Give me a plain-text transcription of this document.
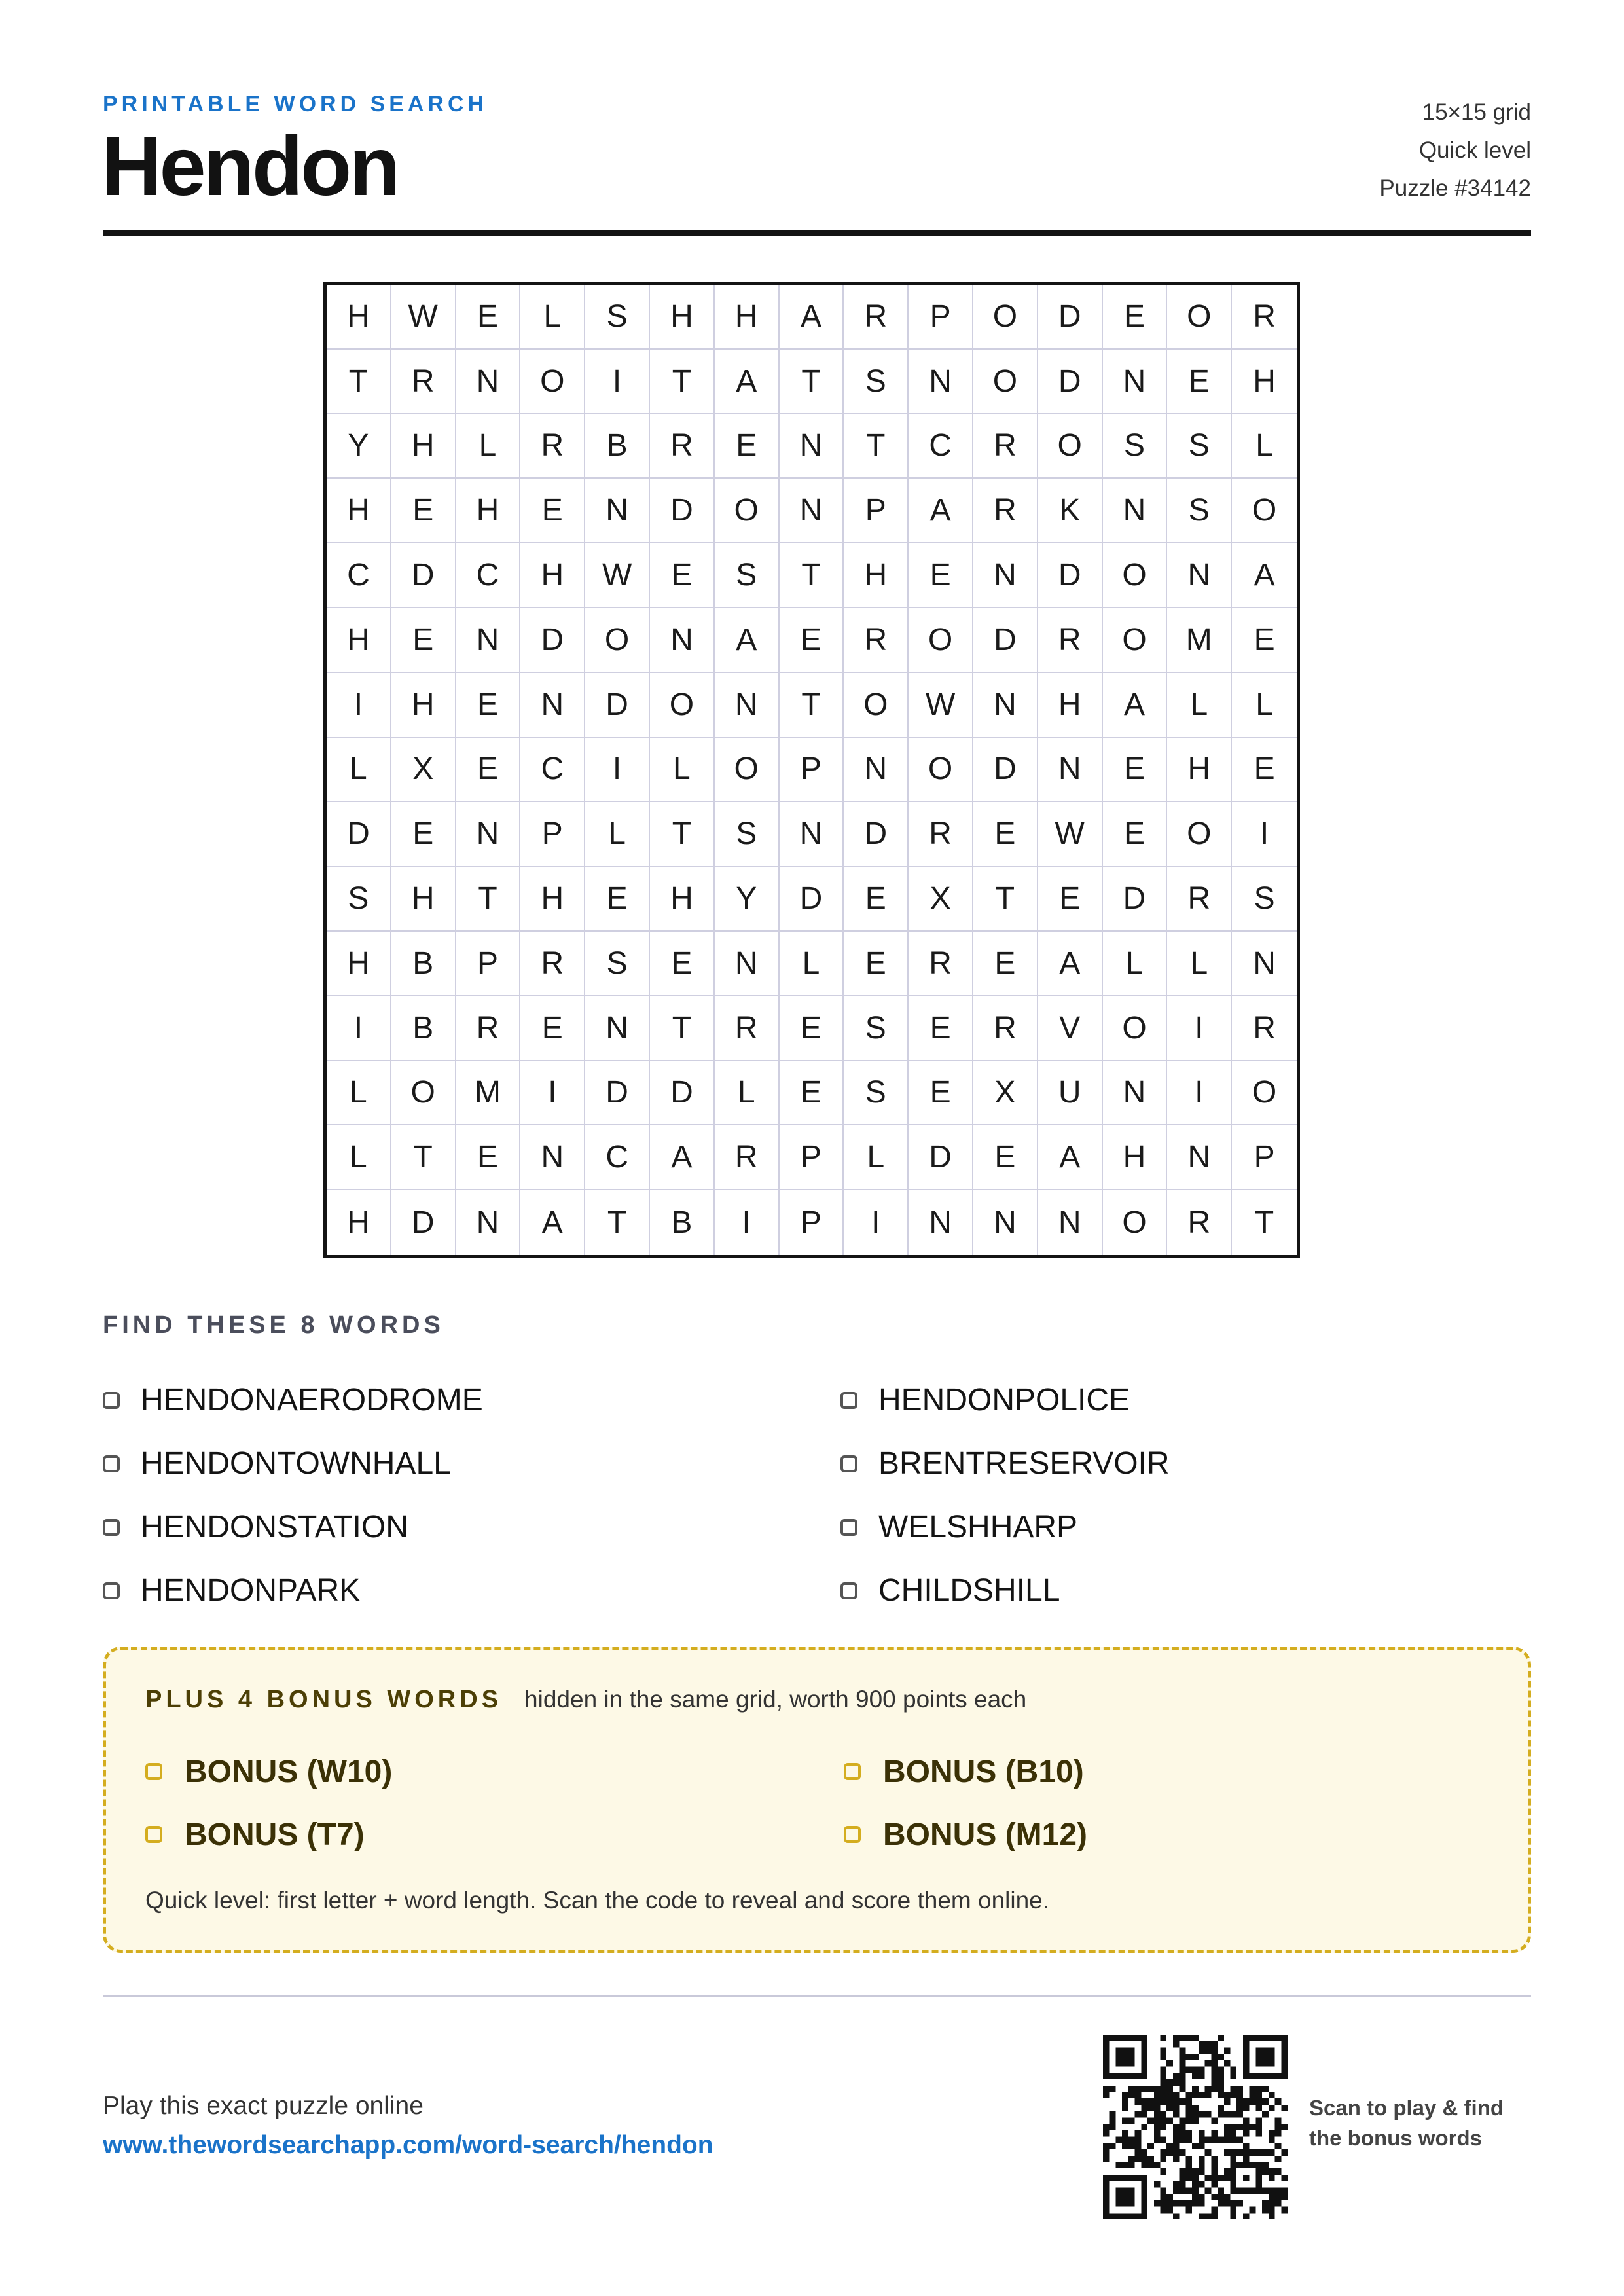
PRINTABLE WORD SEARCH
Hendon
15×15 grid
Quick level
Puzzle #34142
H	W	E	L	S	H	H	A	R	P	O	D	E	O	R
T	R	N	O	I	T	A	T	S	N	O	D	N	E	H
Y	H	L	R	B	R	E	N	T	C	R	O	S	S	L
H	E	H	E	N	D	O	N	P	A	R	K	N	S	O
C	D	C	H	W	E	S	T	H	E	N	D	O	N	A
H	E	N	D	O	N	A	E	R	O	D	R	O	M	E
I	H	E	N	D	O	N	T	O	W	N	H	A	L	L
L	X	E	C	I	L	O	P	N	O	D	N	E	H	E
D	E	N	P	L	T	S	N	D	R	E	W	E	O	I
S	H	T	H	E	H	Y	D	E	X	T	E	D	R	S
H	B	P	R	S	E	N	L	E	R	E	A	L	L	N
I	B	R	E	N	T	R	E	S	E	R	V	O	I	R
L	O	M	I	D	D	L	E	S	E	X	U	N	I	O
L	T	E	N	C	A	R	P	L	D	E	A	H	N	P
H	D	N	A	T	B	I	P	I	N	N	N	O	R	T
FIND THESE 8 WORDS
HENDONAERODROME
HENDONTOWNHALL
HENDONSTATION
HENDONPARK
HENDONPOLICE
BRENTRESERVOIR
WELSHHARP
CHILDSHILL
PLUS 4 BONUS WORDS hidden in the same grid, worth 900 points each
BONUS (W10)
BONUS (T7)
BONUS (B10)
BONUS (M12)
Quick level: first letter + word length. Scan the code to reveal and score them online.
Play this exact puzzle online
www.thewordsearchapp.com/word-search/hendon
Scan to play & find
the bonus words
